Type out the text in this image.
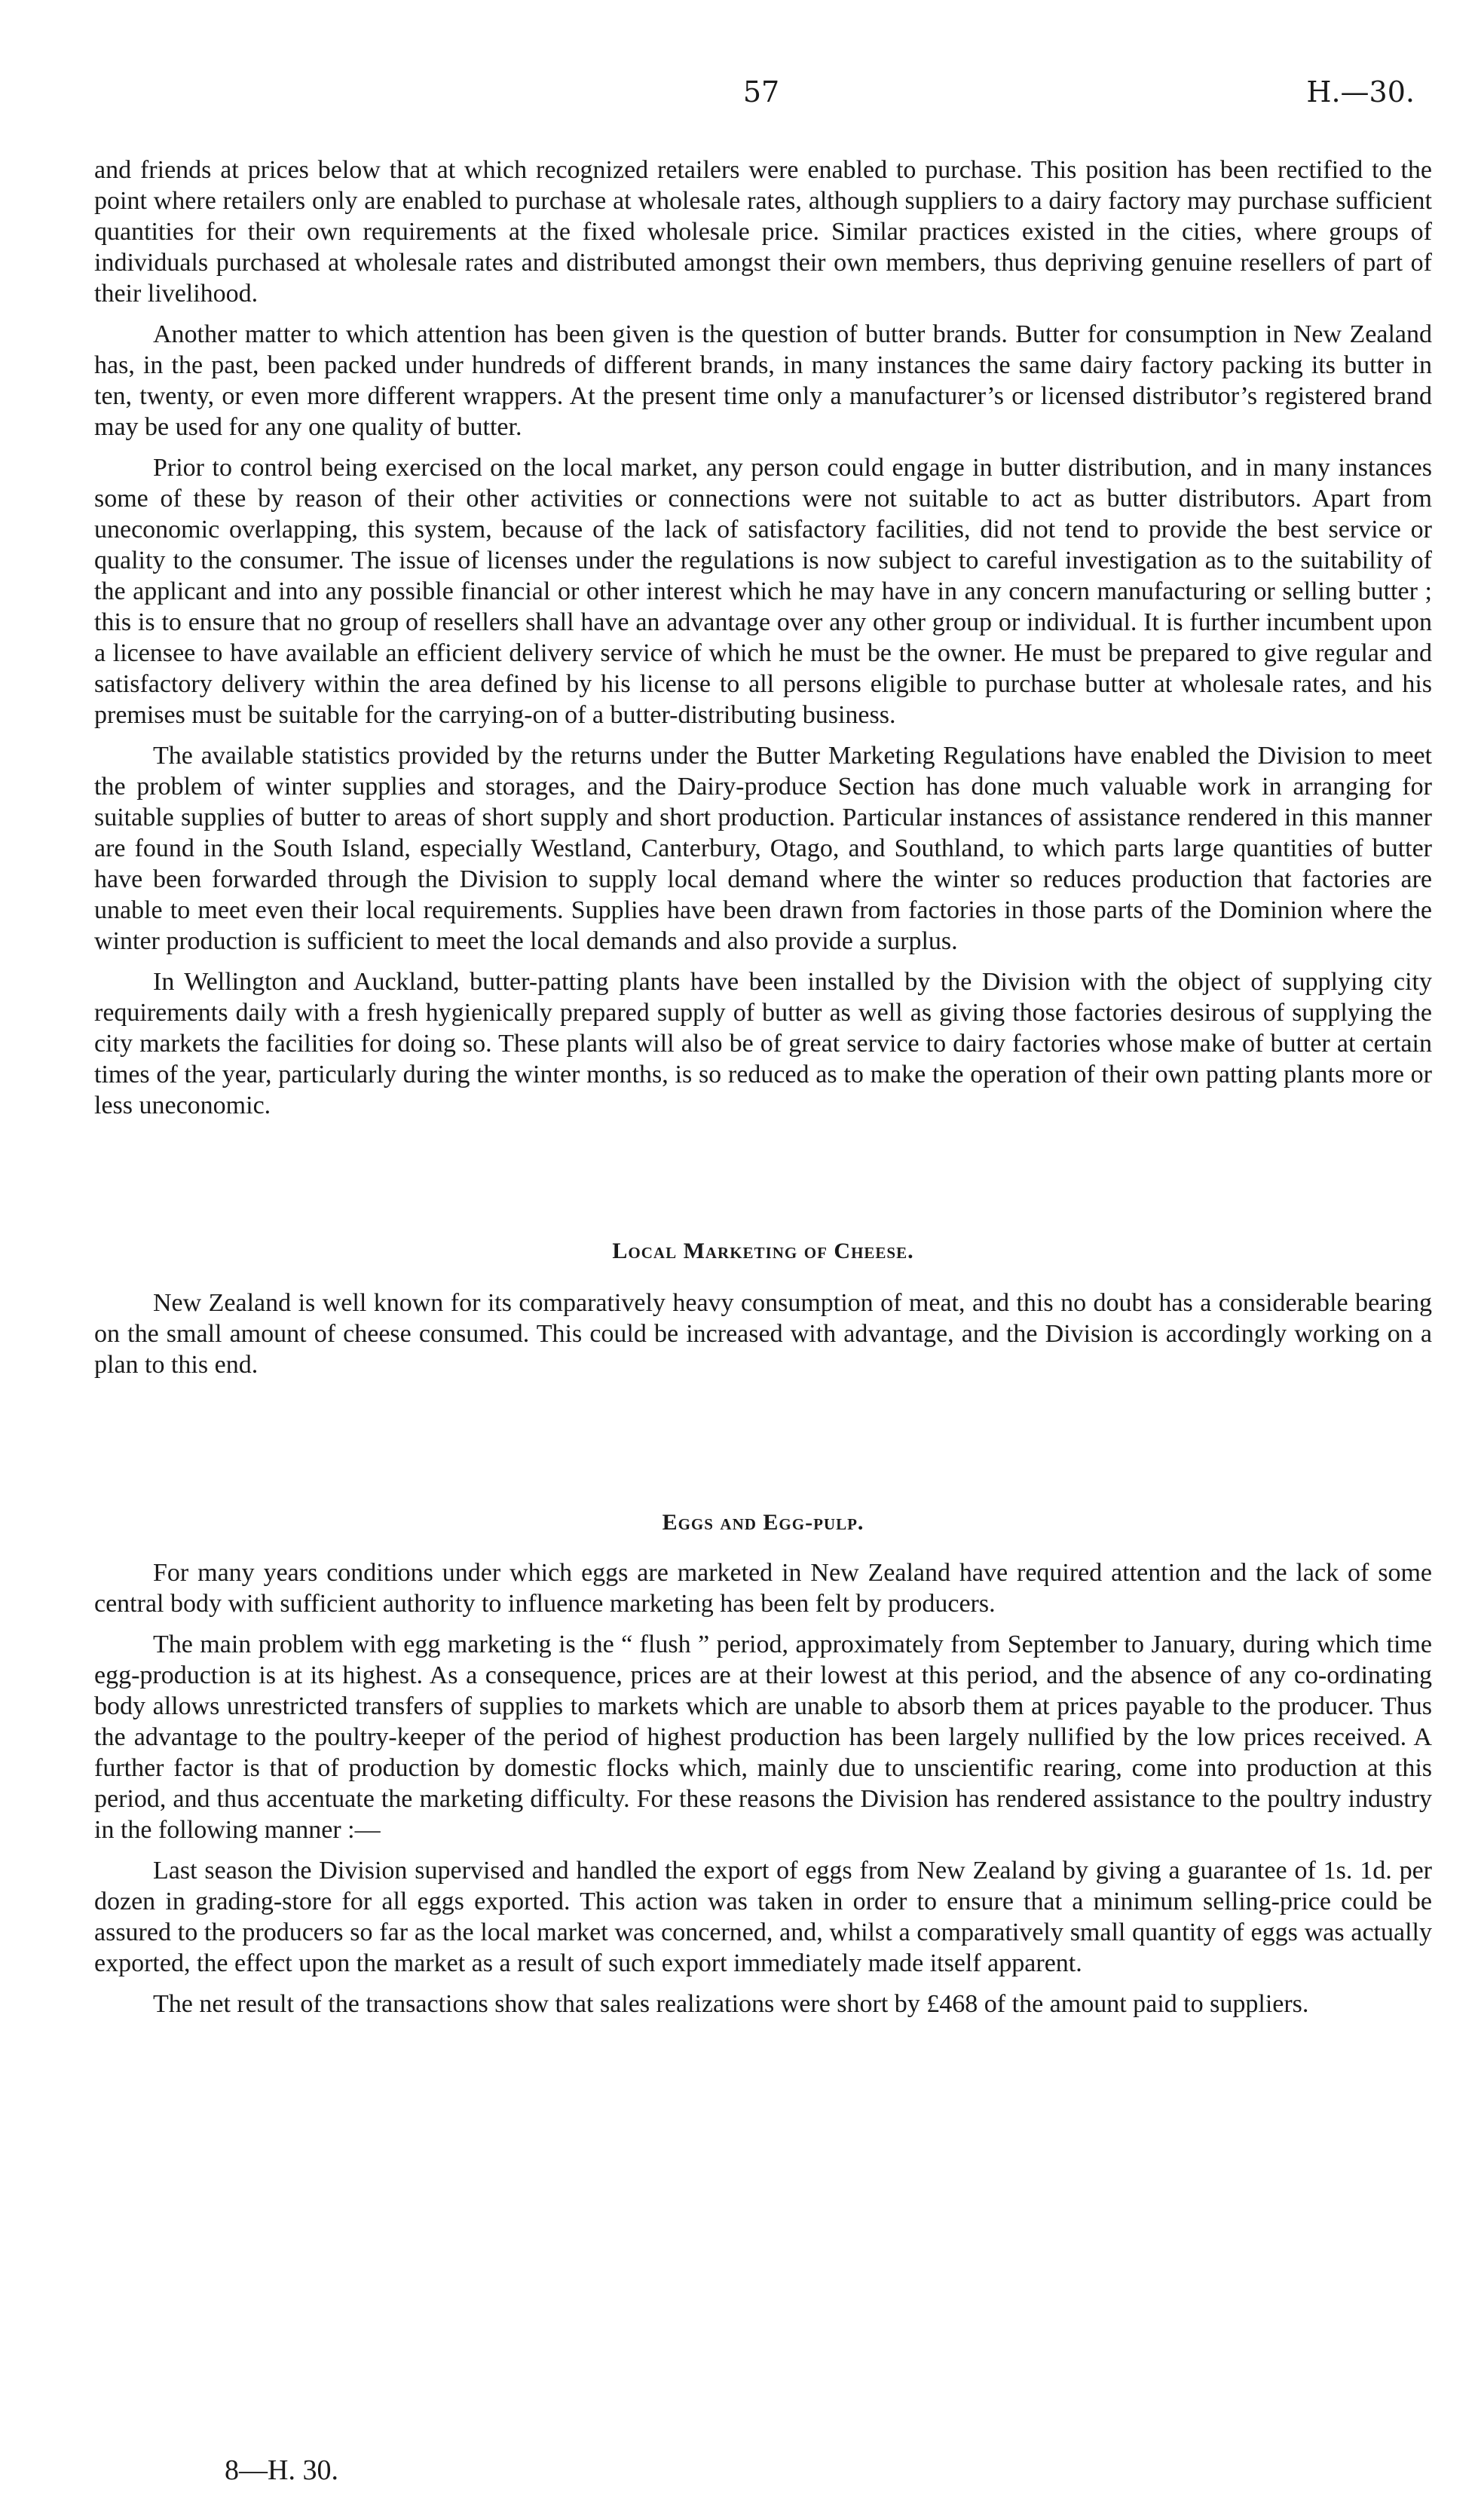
57	H.—30.

and friends at prices below that at which recognized retailers were enabled to purchase. This position has been rectified to the point where retailers only are enabled to purchase at wholesale rates, although suppliers to a dairy factory may purchase sufficient quantities for their own requirements at the fixed wholesale price. Similar practices existed in the cities, where groups of individuals purchased at wholesale rates and distributed amongst their own members, thus depriving genuine resellers of part of their livelihood.

Another matter to which attention has been given is the question of butter brands. Butter for consumption in New Zealand has, in the past, been packed under hundreds of different brands, in many instances the same dairy factory packing its butter in ten, twenty, or even more different wrappers. At the present time only a manufacturer’s or licensed distributor’s registered brand may be used for any one quality of butter.

Prior to control being exercised on the local market, any person could engage in butter distribution, and in many instances some of these by reason of their other activities or connections were not suitable to act as butter distributors. Apart from uneconomic overlapping, this system, because of the lack of satisfactory facilities, did not tend to provide the best service or quality to the consumer. The issue of licenses under the regulations is now subject to careful investigation as to the suitability of the applicant and into any possible financial or other interest which he may have in any concern manufacturing or selling butter ; this is to ensure that no group of resellers shall have an advantage over any other group or individual. It is further incumbent upon a licensee to have available an efficient delivery service of which he must be the owner. He must be prepared to give regular and satisfactory delivery within the area defined by his license to all persons eligible to purchase butter at wholesale rates, and his premises must be suitable for the carrying-on of a butter-distributing business.

The available statistics provided by the returns under the Butter Marketing Regulations have enabled the Division to meet the problem of winter supplies and storages, and the Dairy-produce Section has done much valuable work in arranging for suitable supplies of butter to areas of short supply and short production. Particular instances of assistance rendered in this manner are found in the South Island, especially Westland, Canterbury, Otago, and Southland, to which parts large quantities of butter have been forwarded through the Division to supply local demand where the winter so reduces production that factories are unable to meet even their local requirements. Supplies have been drawn from factories in those parts of the Dominion where the winter production is sufficient to meet the local demands and also provide a surplus.

In Wellington and Auckland, butter-patting plants have been installed by the Division with the object of supplying city requirements daily with a fresh hygienically prepared supply of butter as well as giving those factories desirous of supplying the city markets the facilities for doing so. These plants will also be of great service to dairy factories whose make of butter at certain times of the year, particularly during the winter months, is so reduced as to make the operation of their own patting plants more or less uneconomic.

Local Marketing of Cheese.

New Zealand is well known for its comparatively heavy consumption of meat, and this no doubt has a considerable bearing on the small amount of cheese consumed. This could be increased with advantage, and the Division is accordingly working on a plan to this end.

Eggs and Egg-pulp.

For many years conditions under which eggs are marketed in New Zealand have required attention and the lack of some central body with sufficient authority to influence marketing has been felt by producers.

The main problem with egg marketing is the “ flush ” period, approximately from September to January, during which time egg-production is at its highest. As a consequence, prices are at their lowest at this period, and the absence of any co-ordinating body allows unrestricted transfers of supplies to markets which are unable to absorb them at prices payable to the producer. Thus the advantage to the poultry-keeper of the period of highest production has been largely nullified by the low prices received. A further factor is that of production by domestic flocks which, mainly due to unscientific rearing, come into production at this period, and thus accentuate the marketing difficulty. For these reasons the Division has rendered assistance to the poultry industry in the following manner :—

Last season the Division supervised and handled the export of eggs from New Zealand by giving a guarantee of 1s. 1d. per dozen in grading-store for all eggs exported. This action was taken in order to ensure that a minimum selling-price could be assured to the producers so far as the local market was concerned, and, whilst a comparatively small quantity of eggs was actually exported, the effect upon the market as a result of such export immediately made itself apparent.

The net result of the transactions show that sales realizations were short by £468 of the amount paid to suppliers.

8—H. 30.
